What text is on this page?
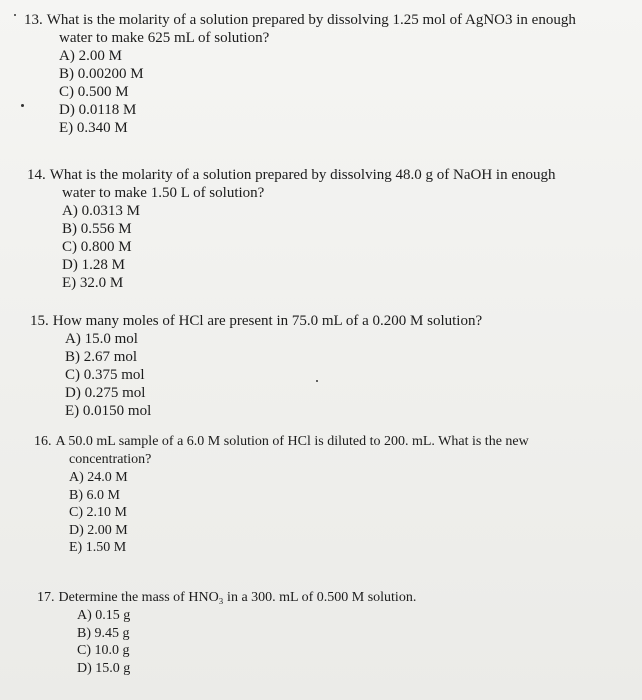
13. What is the molarity of a solution prepared by dissolving 1.25 mol of AgNO3 in enough

water to make 625 mL of solution?

A) 2.00 M
B) 0.00200 M
C) 0.500 M
D) 0.0118 M
E) 0.340 M

14. What is the molarity of a solution prepared by dissolving 48.0 g of NaOH in enough

water to make 1.50 L of solution?

A) 0.0313 M
B) 0.556 M
C) 0.800 M
D) 1.28 M
E) 32.0 M

15. How many moles of HCl are present in 75.0 mL of a 0.200 M solution?

A) 15.0 mol
B) 2.67 mol
C) 0.375 mol
D) 0.275 mol
E) 0.0150 mol

16. A 50.0 mL sample of a 6.0 M solution of HCl is diluted to 200. mL. What is the new

concentration?

A) 24.0 M
B) 6.0 M
C) 2.10 M
D) 2.00 M
E) 1.50 M

17. Determine the mass of HNO₃ in a 300. mL of 0.500 M solution.

A) 0.15 g
B) 9.45 g
C) 10.0 g
D) 15.0 g
